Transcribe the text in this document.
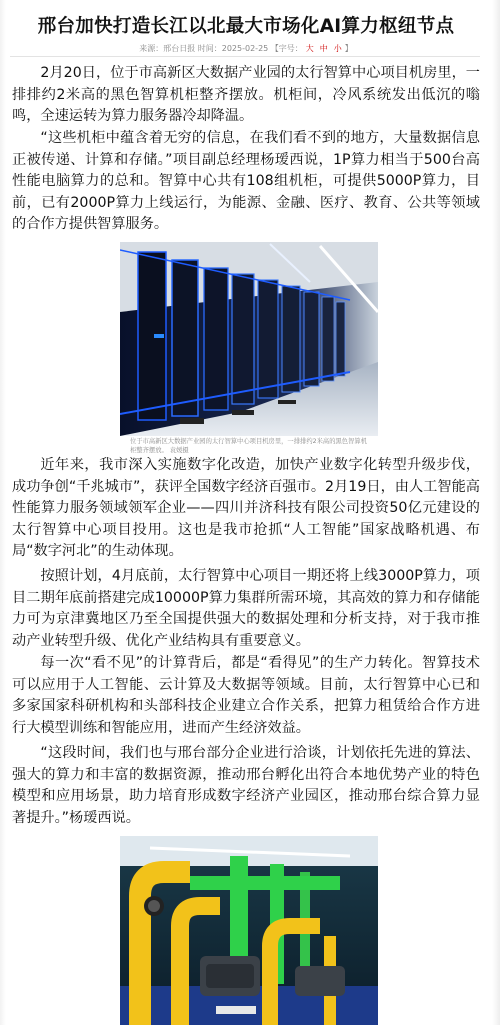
邢台加快打造长江以北最大市场化AI算力枢纽节点
来源：邢台日报 时间：2025-02-25 【字号： 大 中 小 】
2月20日，位于市高新区大数据产业园的太行智算中心项目机房里，一排排约2米高的黑色智算机柜整齐摆放。机柜间，冷风系统发出低沉的嗡鸣，全速运转为算力服务器冷却降温。
“这些机柜中蕴含着无穷的信息，在我们看不到的地方，大量数据信息正被传递、计算和存储。”项目副总经理杨瑷西说，1P算力相当于500台高性能电脑算力的总和。智算中心共有108组机柜，可提供5000P算力，目前，已有2000P算力上线运行，为能源、金融、医疗、教育、公共等领域的合作方提供智算服务。
位于市高新区大数据产业园的太行智算中心项目机房里，一排排约2米高的黑色智算机柜整齐摆放。 袁媛摄
近年来，我市深入实施数字化改造，加快产业数字化转型升级步伐，成功争创“千兆城市”，获评全国数字经济百强市。2月19日，由人工智能高性能算力服务领域领军企业——四川并济科技有限公司投资50亿元建设的太行智算中心项目投用。这也是我市抢抓“人工智能”国家战略机遇、布局“数字河北”的生动体现。
按照计划，4月底前，太行智算中心项目一期还将上线3000P算力，项目二期年底前搭建完成10000P算力集群所需环境，其高效的算力和存储能力可为京津冀地区乃至全国提供强大的数据处理和分析支持，对于我市推动产业转型升级、优化产业结构具有重要意义。
每一次“看不见”的计算背后，都是“看得见”的生产力转化。智算技术可以应用于人工智能、云计算及大数据等领域。目前，太行智算中心已和多家国家科研机构和头部科技企业建立合作关系，把算力租赁给合作方进行大模型训练和智能应用，进而产生经济效益。
“这段时间，我们也与邢台部分企业进行洽谈，计划依托先进的算法、强大的算力和丰富的数据资源，推动邢台孵化出符合本地优势产业的特色模型和应用场景，助力培育形成数字经济产业园区，推动邢台综合算力显著提升。”杨瑷西说。
